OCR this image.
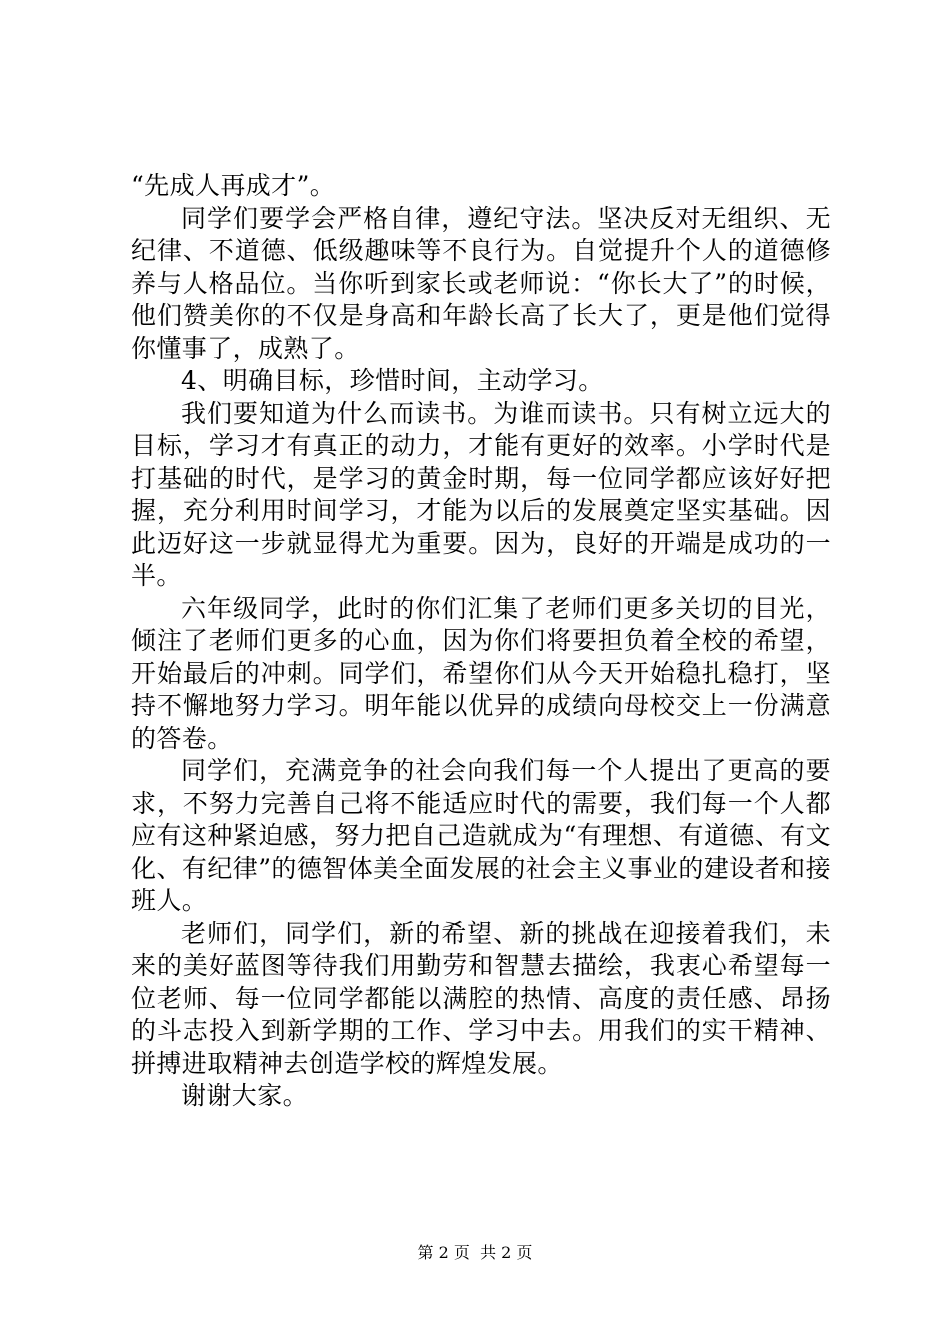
“先成人再成才”。

同学们要学会严格自律，遵纪守法。坚决反对无组织、无纪律、不道德、低级趣味等不良行为。自觉提升个人的道德修养与人格品位。当你听到家长或老师说：“你长大了”的时候，他们赞美你的不仅是身高和年龄长高了长大了，更是他们觉得你懂事了，成熟了。

4、明确目标，珍惜时间，主动学习。

我们要知道为什么而读书。为谁而读书。只有树立远大的目标，学习才有真正的动力，才能有更好的效率。小学时代是打基础的时代，是学习的黄金时期，每一位同学都应该好好把握，充分利用时间学习，才能为以后的发展奠定坚实基础。因此迈好这一步就显得尤为重要。因为，良好的开端是成功的一半。

六年级同学，此时的你们汇集了老师们更多关切的目光，倾注了老师们更多的心血，因为你们将要担负着全校的希望，开始最后的冲刺。同学们，希望你们从今天开始稳扎稳打，坚持不懈地努力学习。明年能以优异的成绩向母校交上一份满意的答卷。

同学们，充满竞争的社会向我们每一个人提出了更高的要求，不努力完善自己将不能适应时代的需要，我们每一个人都应有这种紧迫感，努力把自己造就成为“有理想、有道德、有文化、有纪律”的德智体美全面发展的社会主义事业的建设者和接班人。

老师们，同学们，新的希望、新的挑战在迎接着我们，未来的美好蓝图等待我们用勤劳和智慧去描绘，我衷心希望每一位老师、每一位同学都能以满腔的热情、高度的责任感、昂扬的斗志投入到新学期的工作、学习中去。用我们的实干精神、拼搏进取精神去创造学校的辉煌发展。

谢谢大家。

第 2 页  共 2 页
